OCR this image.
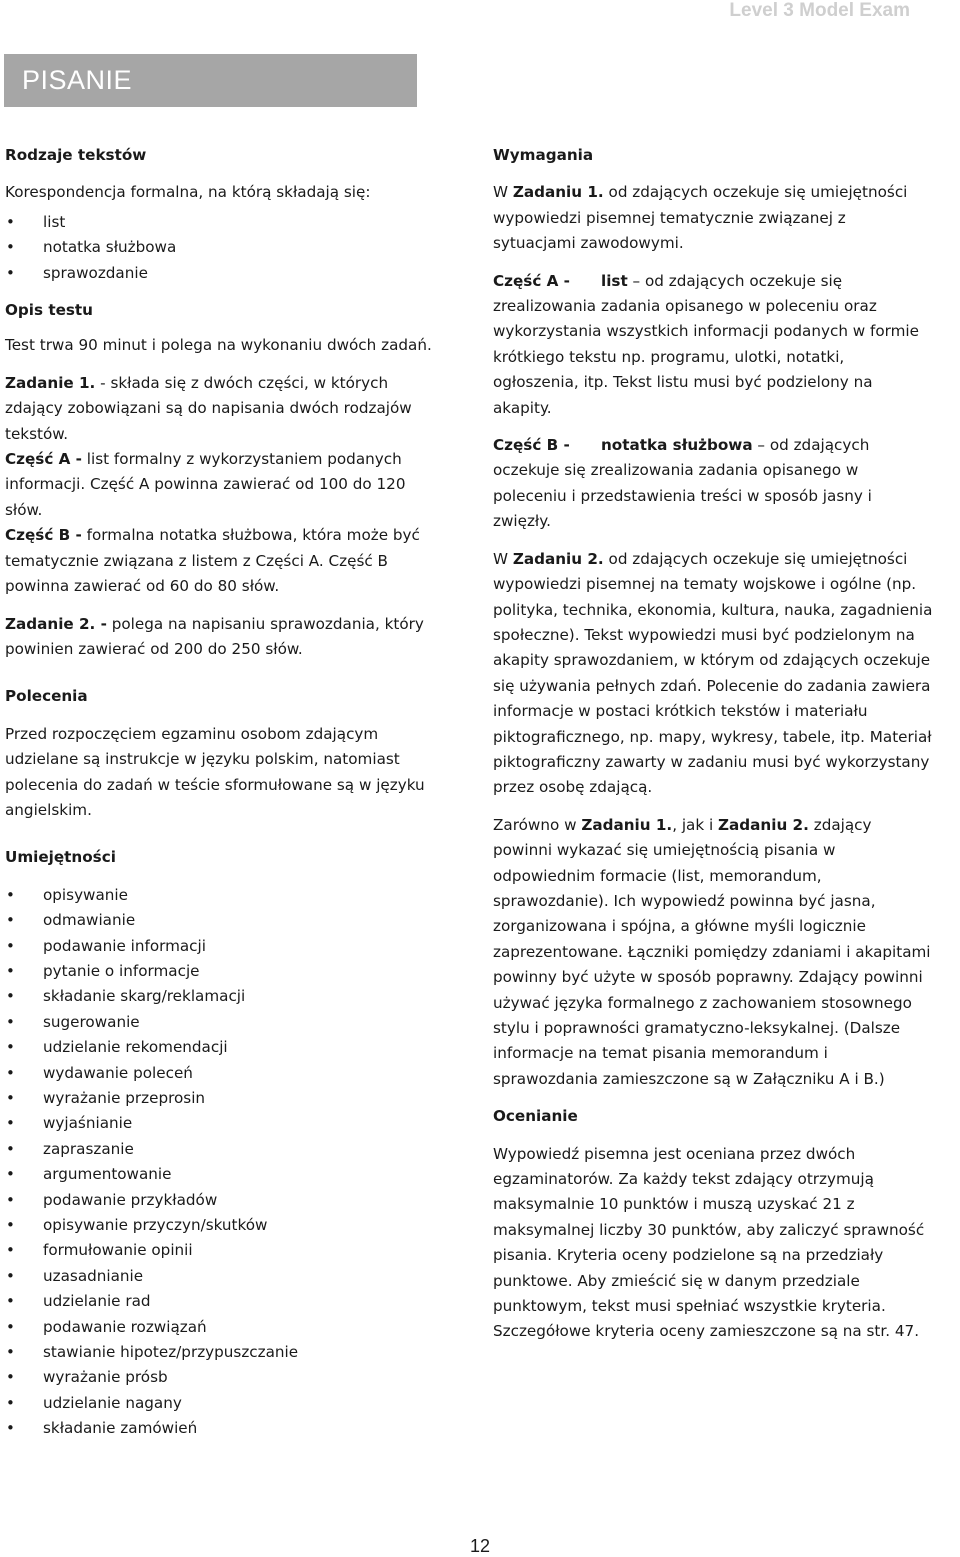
Level 3 Model Exam
PISANIE

Rodzaje tekstów

Korespondencja formalna, na którą składają się:

• list
• notatka służbowa
• sprawozdanie

Opis testu

Test trwa 90 minut i polega na wykonaniu dwóch zadań.

Zadanie 1. - składa się z dwóch części, w których zdający zobowiązani są do napisania dwóch rodzajów tekstów.

Część A - list formalny z wykorzystaniem podanych informacji. Część A powinna zawierać od 100 do 120 słów.

Część B - formalna notatka służbowa, która może być tematycznie związana z listem z Części A. Część B powinna zawierać od 60 do 80 słów.

Zadanie 2. - polega na napisaniu sprawozdania, który powinien zawierać od 200 do 250 słów.

Polecenia

Przed rozpoczęciem egzaminu osobom zdającym udzielane są instrukcje w języku polskim, natomiast polecenia do zadań w teście sformułowane są w języku angielskim.

Umiejętności

• opisywanie
• odmawianie
• podawanie informacji
• pytanie o informacje
• składanie skarg/reklamacji
• sugerowanie
• udzielanie rekomendacji
• wydawanie poleceń
• wyrażanie przeprosin
• wyjaśnianie
• zapraszanie
• argumentowanie
• podawanie przykładów
• opisywanie przyczyn/skutków
• formułowanie opinii
• uzasadnianie
• udzielanie rad
• podawanie rozwiązań
• stawianie hipotez/przypuszczanie
• wyrażanie prósb
• udzielanie nagany
• składanie zamówień

Wymagania

W Zadaniu 1. od zdających oczekuje się umiejętności wypowiedzi pisemnej tematycznie związanej z sytuacjami zawodowymi.

Część A - list – od zdających oczekuje się zrealizowania zadania opisanego w poleceniu oraz wykorzystania wszystkich informacji podanych w formie krótkiego tekstu np. programu, ulotki, notatki, ogłoszenia, itp. Tekst listu musi być podzielony na akapity.

Część B - notatka służbowa – od zdających oczekuje się zrealizowania zadania opisanego w poleceniu i przedstawienia treści w sposób jasny i zwięzły.

W Zadaniu 2. od zdających oczekuje się umiejętności wypowiedzi pisemnej na tematy wojskowe i ogólne (np. polityka, technika, ekonomia, kultura, nauka, zagadnienia społeczne). Tekst wypowiedzi musi być podzielonym na akapity sprawozdaniem, w którym od zdających oczekuje się używania pełnych zdań. Polecenie do zadania zawiera informacje w postaci krótkich tekstów i materiału piktograficznego, np. mapy, wykresy, tabele, itp. Materiał piktograficzny zawarty w zadaniu musi być wykorzystany przez osobę zdającą.

Zarówno w Zadaniu 1., jak i Zadaniu 2. zdający powinni wykazać się umiejętnością pisania w odpowiednim formacie (list, memorandum, sprawozdanie). Ich wypowiedź powinna być jasna, zorganizowana i spójna, a główne myśli logicznie zaprezentowane. Łączniki pomiędzy zdaniami i akapitami powinny być użyte w sposób poprawny. Zdający powinni używać języka formalnego z zachowaniem stosownego stylu i poprawności gramatyczno-leksykalnej. (Dalsze informacje na temat pisania memorandum i sprawozdania zamieszczone są w Załączniku A i B.)

Ocenianie

Wypowiedź pisemna jest oceniana przez dwóch egzaminatorów. Za każdy tekst zdający otrzymują maksymalnie 10 punktów i muszą uzyskać 21 z maksymalnej liczby 30 punktów, aby zaliczyć sprawność pisania. Kryteria oceny podzielone są na przedziały punktowe. Aby zmieścić się w danym przedziale punktowym, tekst musi spełniać wszystkie kryteria. Szczegółowe kryteria oceny zamieszczone są na str. 47.

12
